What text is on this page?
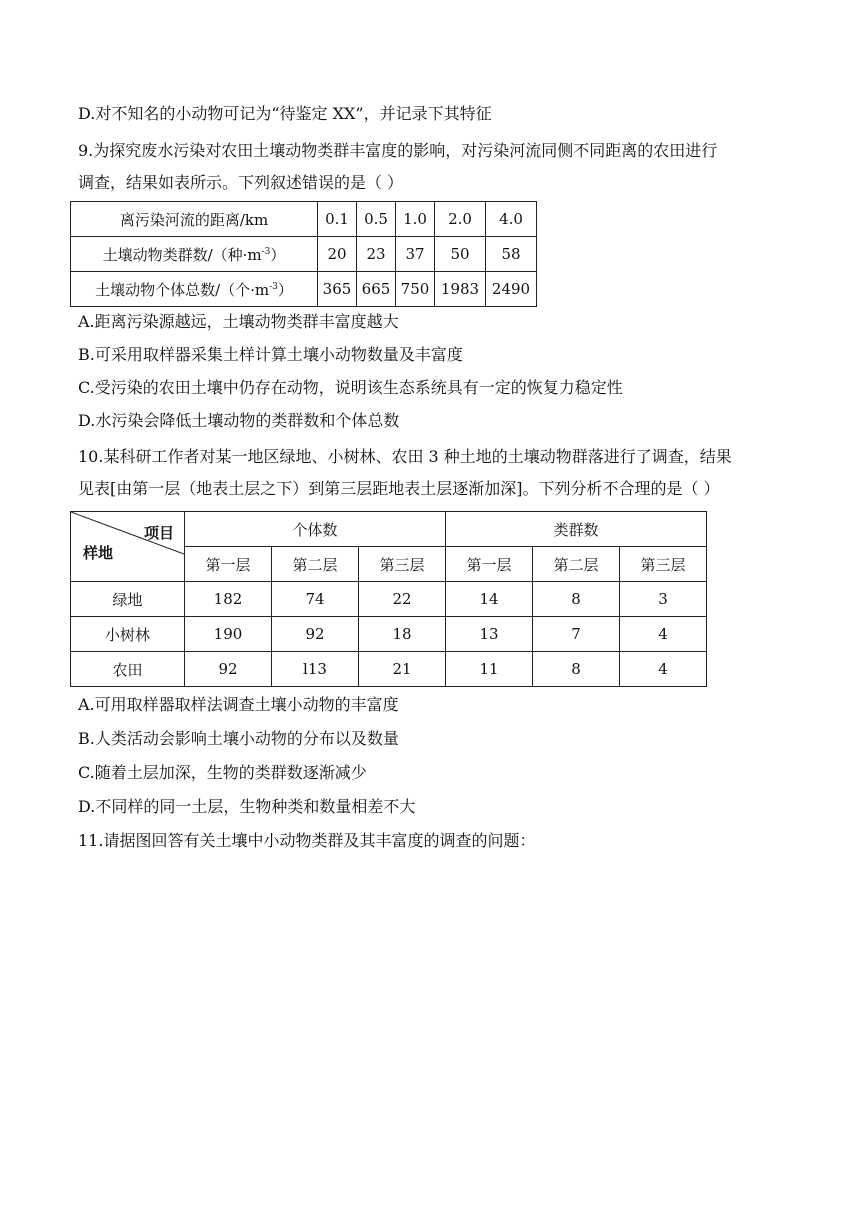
D.对不知名的小动物可记为“待鉴定 XX”，并记录下其特征
9.为探究废水污染对农田土壤动物类群丰富度的影响，对污染河流同侧不同距离的农田进行
调查，结果如表所示。下列叙述错误的是（ ）
离污染河流的距离/km	0.1	0.5	1.0	2.0	4.0
土壤动物类群数/（种$\cdot m^{-3}$）	20	23	37	50	58
土壤动物个体总数/（个$\cdot m^{-3}$）	365	665	750	1983	2490
A.距离污染源越远，土壤动物类群丰富度越大
B.可采用取样器采集土样计算土壤小动物数量及丰富度
C.受污染的农田土壤中仍存在动物，说明该生态系统具有一定的恢复力稳定性
D.水污染会降低土壤动物的类群数和个体总数
10.某科研工作者对某一地区绿地、小树林、农田 3 种土地的土壤动物群落进行了调查，结果
见表[由第一层（地表土层之下）到第三层距地表土层逐渐加深]。下列分析不合理的是（ ）
项目
样地	个体数			类群数		
	第一层	第二层	第三层	第一层	第二层	第三层
绿地	182	74	22	14	8	3
小树林	190	92	18	13	7	4
农田	92	l13	21	11	8	4
A.可用取样器取样法调查土壤小动物的丰富度
B.人类活动会影响土壤小动物的分布以及数量
C.随着土层加深，生物的类群数逐渐减少
D.不同样的同一土层，生物种类和数量相差不大
11.请据图回答有关土壤中小动物类群及其丰富度的调查的问题：
